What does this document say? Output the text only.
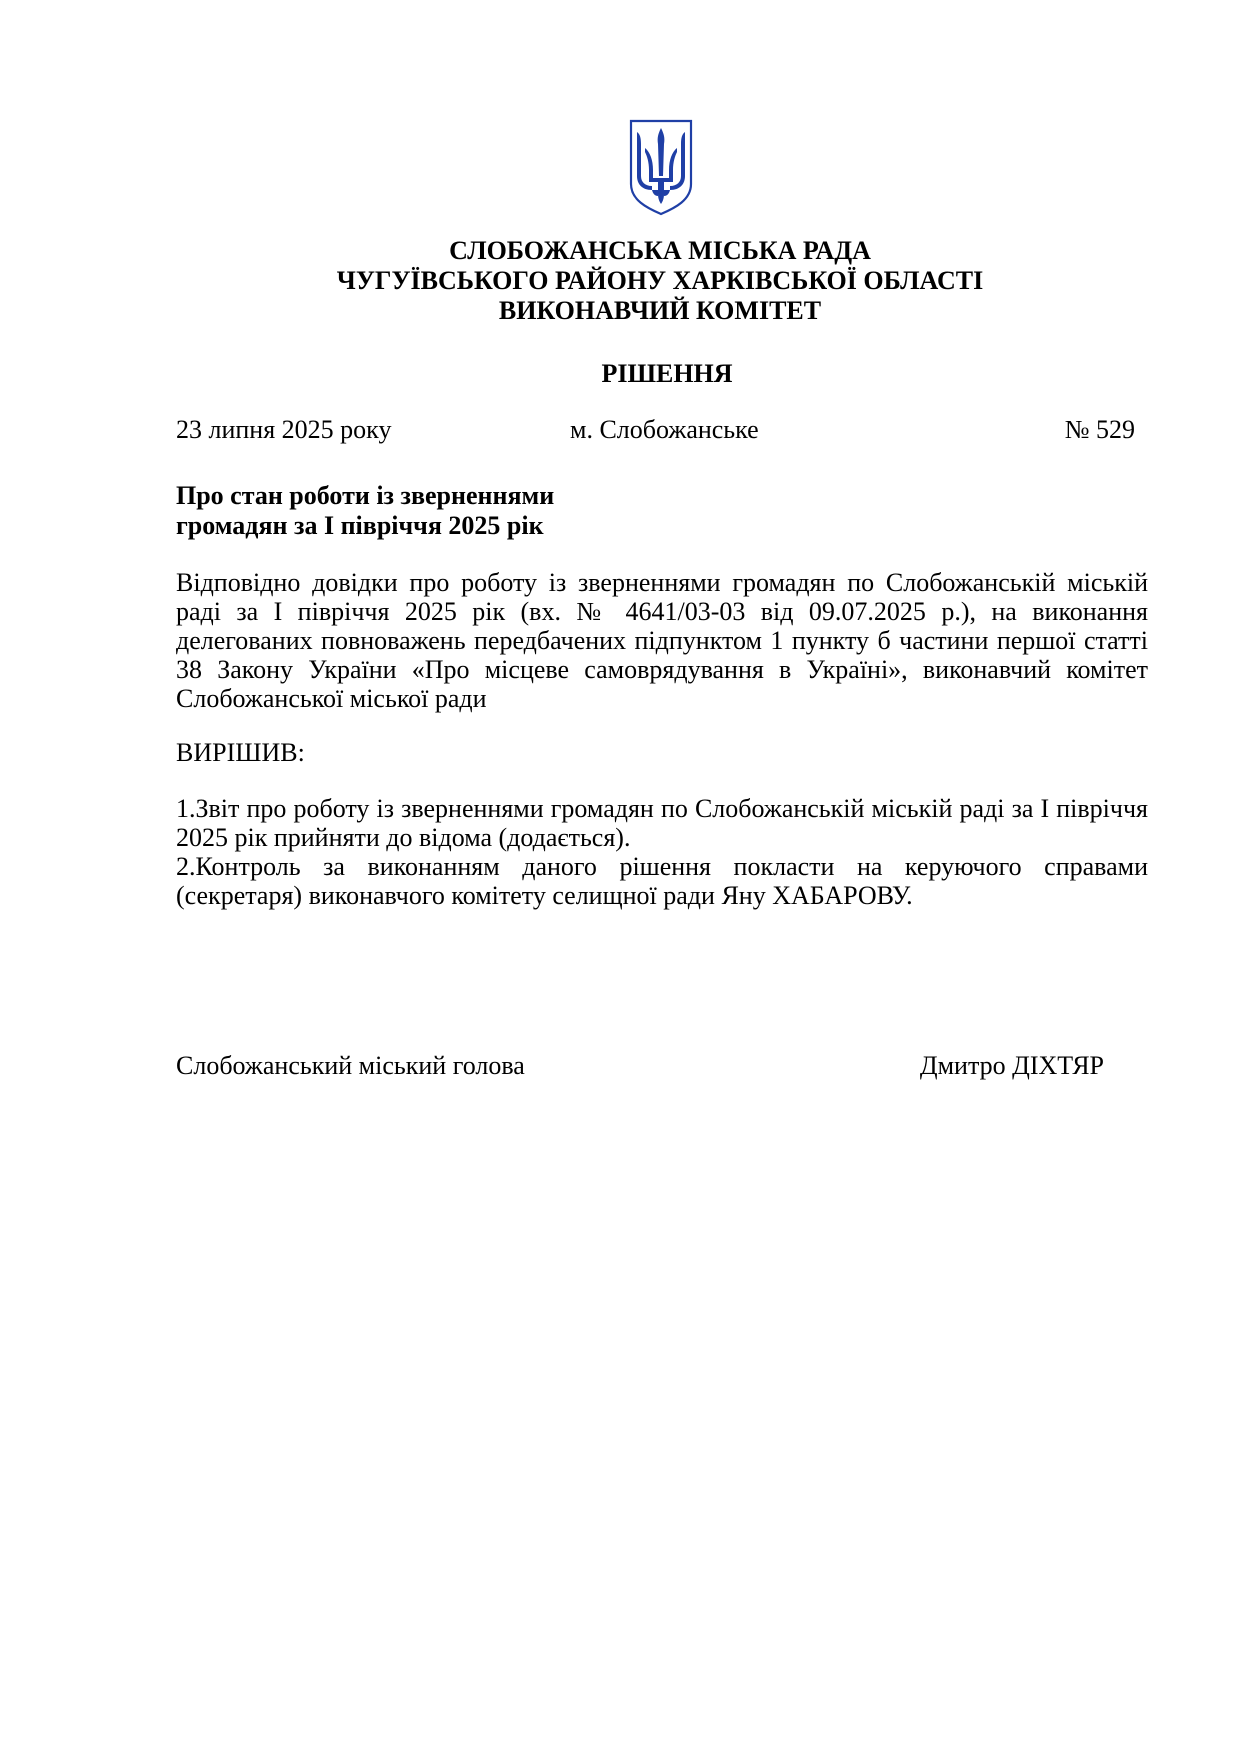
СЛОБОЖАНСЬКА МІСЬКА РАДА
ЧУГУЇВСЬКОГО РАЙОНУ ХАРКІВСЬКОЇ ОБЛАСТІ
ВИКОНАВЧИЙ КОМІТЕТ
РІШЕННЯ
23 липня 2025 року	м. Слобожанське	№ 529
Про стан роботи із зверненнями
громадян за І півріччя 2025 рік
Відповідно довідки про роботу із зверненнями громадян по Слобожанській міській раді за І півріччя 2025 рік (вх. № 4641/03-03 від 09.07.2025 р.), на виконання делегованих повноважень передбачених підпунктом 1 пункту б частини першої статті 38 Закону України «Про місцеве самоврядування в Україні», виконавчий комітет Слобожанської міської ради
ВИРІШИВ:
1.Звіт про роботу із зверненнями громадян по Слобожанській міській раді за І півріччя 2025 рік прийняти до відома (додається).
2.Контроль за виконанням даного рішення покласти на керуючого справами (секретаря) виконавчого комітету селищної ради Яну ХАБАРОВУ.
Слобожанський міський голова	Дмитро ДІХТЯР
